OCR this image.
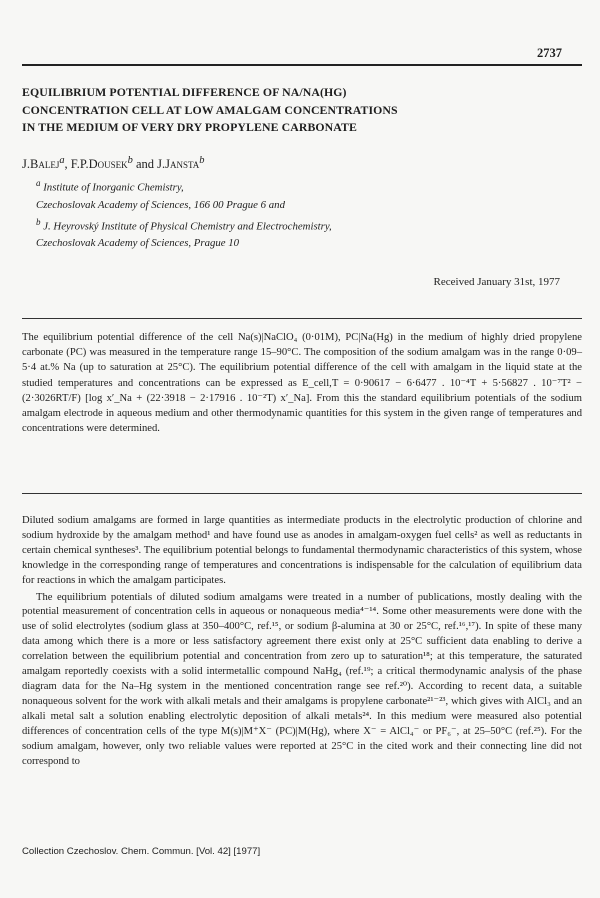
2737
EQUILIBRIUM POTENTIAL DIFFERENCE OF NA/NA(HG)
CONCENTRATION CELL AT LOW AMALGAM CONCENTRATIONS
IN THE MEDIUM OF VERY DRY PROPYLENE CARBONATE
J.Balej$^a$, F.P.Dousek$^b$ and J.Jansta$^b$
$^a$ Institute of Inorganic Chemistry,
Czechoslovak Academy of Sciences, 166 00 Prague 6 and
$^b$ J. Heyrovský Institute of Physical Chemistry and Electrochemistry,
Czechoslovak Academy of Sciences, Prague 10
Received January 31st, 1977
The equilibrium potential difference of the cell Na(s)|NaClO₄ (0·01M), PC|Na(Hg) in the medium of highly dried propylene carbonate (PC) was measured in the temperature range 15–90°C. The composition of the sodium amalgam was in the range 0·09–5·4 at.% Na (up to saturation at 25°C). The equilibrium potential difference of the cell with amalgam in the liquid state at the studied temperatures and concentrations can be expressed as E_cell,T = 0·90617 − 6·6477 . 10⁻⁴T + 5·56827 . 10⁻⁷T² − (2·3026RT/F) [log x′_Na + (22·3918 − 2·17916 . 10⁻²T) x′_Na]. From this the standard equilibrium potentials of the sodium amalgam electrode in aqueous medium and other thermodynamic quantities for this system in the given range of temperatures and concentrations were determined.

Diluted sodium amalgams are formed in large quantities as intermediate products in the electrolytic production of chlorine and sodium hydroxide by the amalgam method¹ and have found use as anodes in amalgam-oxygen fuel cells² as well as reductants in certain chemical syntheses³. The equilibrium potential belongs to fundamental thermodynamic characteristics of this system, whose knowledge in the corresponding range of temperatures and concentrations is indispensable for the calculation of equilibrium data for reactions in which the amalgam participates.

The equilibrium potentials of diluted sodium amalgams were treated in a number of publications, mostly dealing with the potential measurement of concentration cells in aqueous or nonaqueous media⁴⁻¹⁴. Some other measurements were done with the use of solid electrolytes (sodium glass at 350–400°C, ref.¹⁵, or sodium β-alumina at 30 or 25°C, ref.¹⁶,¹⁷). In spite of these many data among which there is a more or less satisfactory agreement there exist only at 25°C sufficient data enabling to derive a correlation between the equilibrium potential and concentration from zero up to saturation¹⁸; at this temperature, the saturated amalgam reportedly coexists with a solid intermetallic compound NaHg₄ (ref.¹⁹; a critical thermodynamic analysis of the phase diagram data for the Na–Hg system in the mentioned concentration range see ref.²⁰). According to recent data, a suitable nonaqueous solvent for the work with alkali metals and their amalgams is propylene carbonate²¹⁻²³, which gives with AlCl₃ and an alkali metal salt a solution enabling electrolytic deposition of alkali metals²⁴. In this medium were measured also potential differences of concentration cells of the type M(s)|M⁺X⁻ (PC)|M(Hg), where X⁻ = AlCl₄⁻ or PF₆⁻, at 25–50°C (ref.²⁵). For the sodium amalgam, however, only two reliable values were reported at 25°C in the cited work and their connecting line did not correspond to

Collection Czechoslov. Chem. Commun. [Vol. 42] [1977]
